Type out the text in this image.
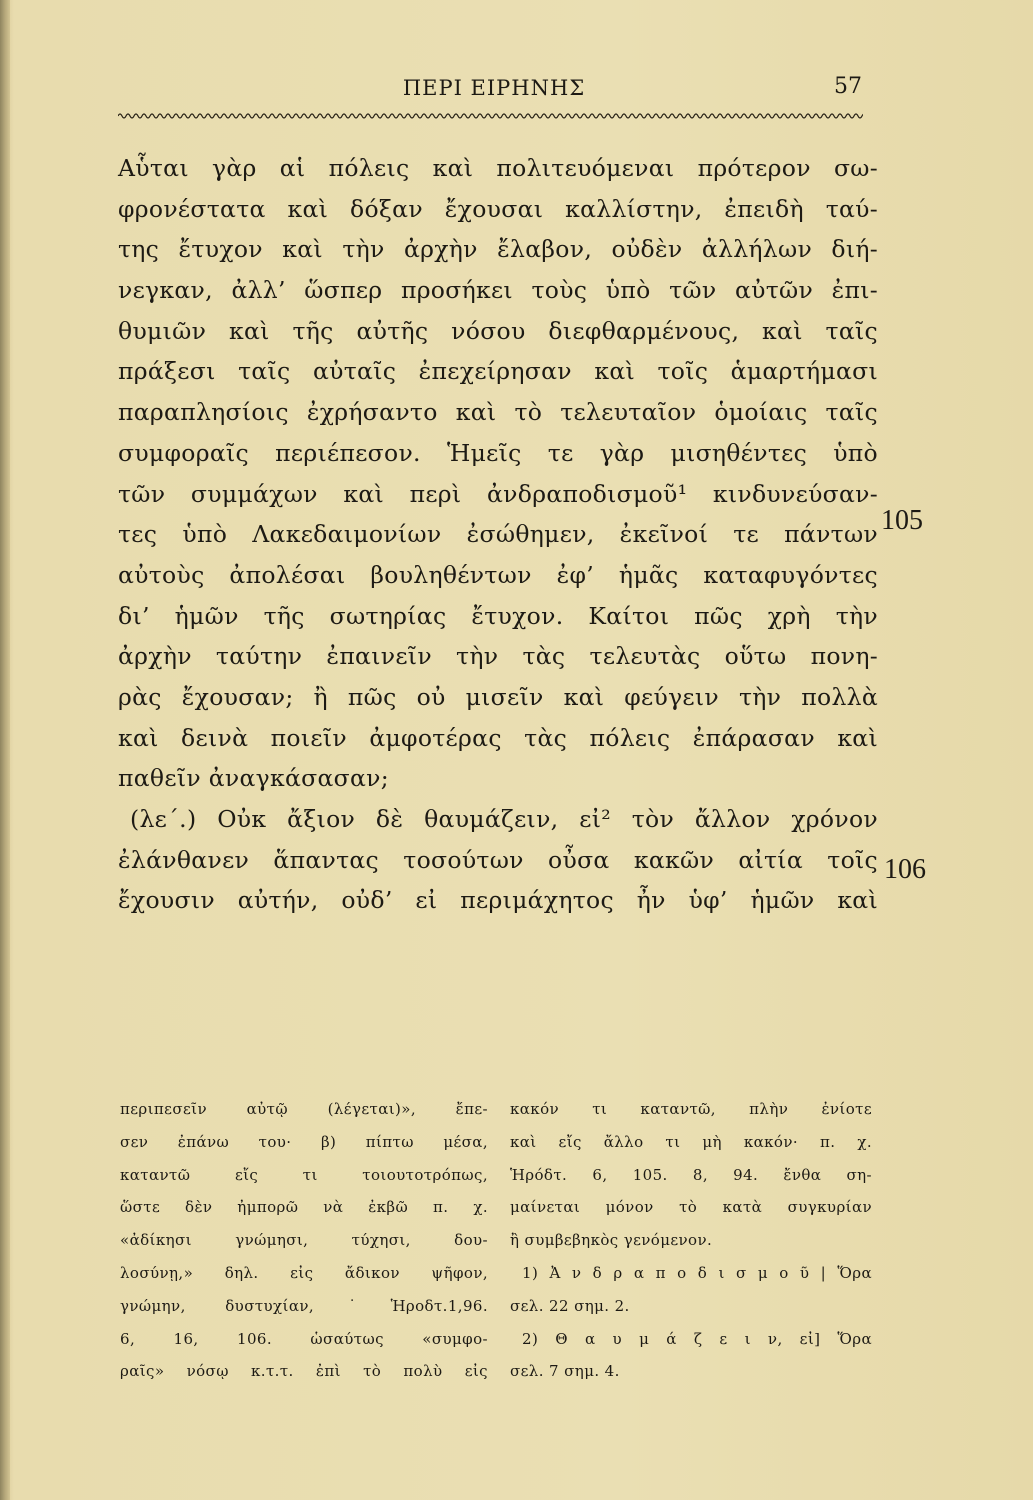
ΠΕΡΙ ΕΙΡΗΝΗΣ	57
Αὗται γὰρ αἱ πόλεις καὶ πολιτευόμεναι πρότερον σω-
φρονέστατα καὶ δόξαν ἔχουσαι καλλίστην, ἐπειδὴ ταύ-
της ἔτυχον καὶ τὴν ἀρχὴν ἔλαβον, οὐδὲν ἀλλήλων διή-
νεγκαν, ἀλλ’ ὥσπερ προσήκει τοὺς ὑπὸ τῶν αὐτῶν ἐπι-
θυμιῶν καὶ τῆς αὐτῆς νόσου διεφθαρμένους, καὶ ταῖς
πράξεσι ταῖς αὐταῖς ἐπεχείρησαν καὶ τοῖς ἁμαρτήμασι
παραπλησίοις ἐχρήσαντο καὶ τὸ τελευταῖον ὁμοίαις ταῖς
συμφοραῖς περιέπεσον. Ἡμεῖς τε γὰρ μισηθέντες ὑπὸ
τῶν συμμάχων καὶ περὶ ἀνδραποδισμοῦ¹ κινδυνεύσαν-
τες ὑπὸ Λακεδαιμονίων ἐσώθημεν, ἐκεῖνοί τε πάντων
αὐτοὺς ἀπολέσαι βουληθέντων ἐφ’ ἡμᾶς καταφυγόντες
δι’ ἡμῶν τῆς σωτηρίας ἔτυχον. Καίτοι πῶς χρὴ τὴν
ἀρχὴν ταύτην ἐπαινεῖν τὴν τὰς τελευτὰς οὕτω πονη-
ρὰς ἔχουσαν; ἢ πῶς οὐ μισεῖν καὶ φεύγειν τὴν πολλὰ
καὶ δεινὰ ποιεῖν ἀμφοτέρας τὰς πόλεις ἐπάρασαν καὶ
παθεῖν ἀναγκάσασαν;
(λε΄.) Οὐκ ἄξιον δὲ θαυμάζειν, εἰ² τὸν ἄλλον χρόνον
ἐλάνθανεν ἅπαντας τοσούτων οὖσα κακῶν αἰτία τοῖς
ἔχουσιν αὐτήν, οὐδ’ εἰ περιμάχητος ἦν ὑφ’ ἡμῶν καὶ
105
106
περιπεσεῖν αὐτῷ (λέγεται)», ἔπε-
σεν ἐπάνω του· β) πίπτω μέσα,
καταντῶ εἴς τι τοιουτοτρόπως,
ὥστε δὲν ἠμπορῶ νὰ ἐκβῶ π. χ.
«ἀδίκησι γνώμησι, τύχησι, δου-
λοσύνῃ,» δηλ. εἰς ἄδικον ψῆφον,
γνώμην, δυστυχίαν,˙Ἡροδτ.1,96.
6, 16, 106. ὡσαύτως «συμφο-
ραῖς» νόσῳ κ.τ.τ. ἐπὶ τὸ πολὺ εἰς
κακόν τι καταντῶ, πλὴν ἐνίοτε
καὶ εἴς ἄλλο τι μὴ κακόν· π. χ.
Ἡρόδτ. 6, 105. 8, 94. ἔνθα ση-
μαίνεται μόνον τὸ κατὰ συγκυρίαν
ἢ συμβεβηκὸς γενόμενον.
1) Ἀ ν δ ρ α π ο δ ι σ μ ο ῦ | Ὅρα
σελ. 22 σημ. 2.
2) Θ α υ μ ά ζ ε ι ν, εἰ] Ὅρα
σελ. 7 σημ. 4.
